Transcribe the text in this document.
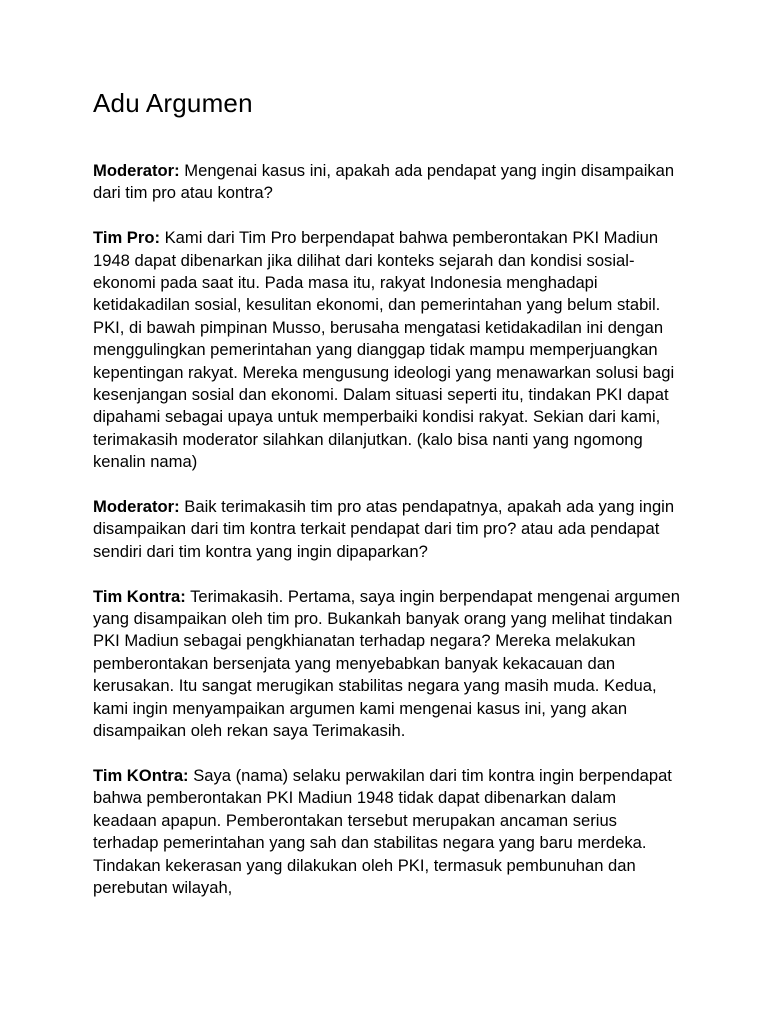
Adu Argumen

Moderator: Mengenai kasus ini, apakah ada pendapat yang ingin disampaikan dari tim pro atau kontra?

Tim Pro: Kami dari Tim Pro berpendapat bahwa pemberontakan PKI Madiun 1948 dapat dibenarkan jika dilihat dari konteks sejarah dan kondisi sosial-ekonomi pada saat itu. Pada masa itu, rakyat Indonesia menghadapi ketidakadilan sosial, kesulitan ekonomi, dan pemerintahan yang belum stabil. PKI, di bawah pimpinan Musso, berusaha mengatasi ketidakadilan ini dengan menggulingkan pemerintahan yang dianggap tidak mampu memperjuangkan kepentingan rakyat. Mereka mengusung ideologi yang menawarkan solusi bagi kesenjangan sosial dan ekonomi. Dalam situasi seperti itu, tindakan PKI dapat dipahami sebagai upaya untuk memperbaiki kondisi rakyat. Sekian dari kami, terimakasih moderator silahkan dilanjutkan. (kalo bisa nanti yang ngomong kenalin nama)

Moderator: Baik terimakasih tim pro atas pendapatnya, apakah ada yang ingin disampaikan dari tim kontra terkait pendapat dari tim pro? atau ada pendapat sendiri dari tim kontra yang ingin dipaparkan?

Tim Kontra: Terimakasih. Pertama, saya ingin berpendapat mengenai argumen yang disampaikan oleh tim pro. Bukankah banyak orang yang melihat tindakan PKI Madiun sebagai pengkhianatan terhadap negara? Mereka melakukan pemberontakan bersenjata yang menyebabkan banyak kekacauan dan kerusakan. Itu sangat merugikan stabilitas negara yang masih muda. Kedua, kami ingin menyampaikan argumen kami mengenai kasus ini, yang akan disampaikan oleh rekan saya Terimakasih.

Tim KOntra: Saya (nama) selaku perwakilan dari tim kontra ingin berpendapat bahwa pemberontakan PKI Madiun 1948 tidak dapat dibenarkan dalam keadaan apapun. Pemberontakan tersebut merupakan ancaman serius terhadap pemerintahan yang sah dan stabilitas negara yang baru merdeka. Tindakan kekerasan yang dilakukan oleh PKI, termasuk pembunuhan dan perebutan wilayah,
